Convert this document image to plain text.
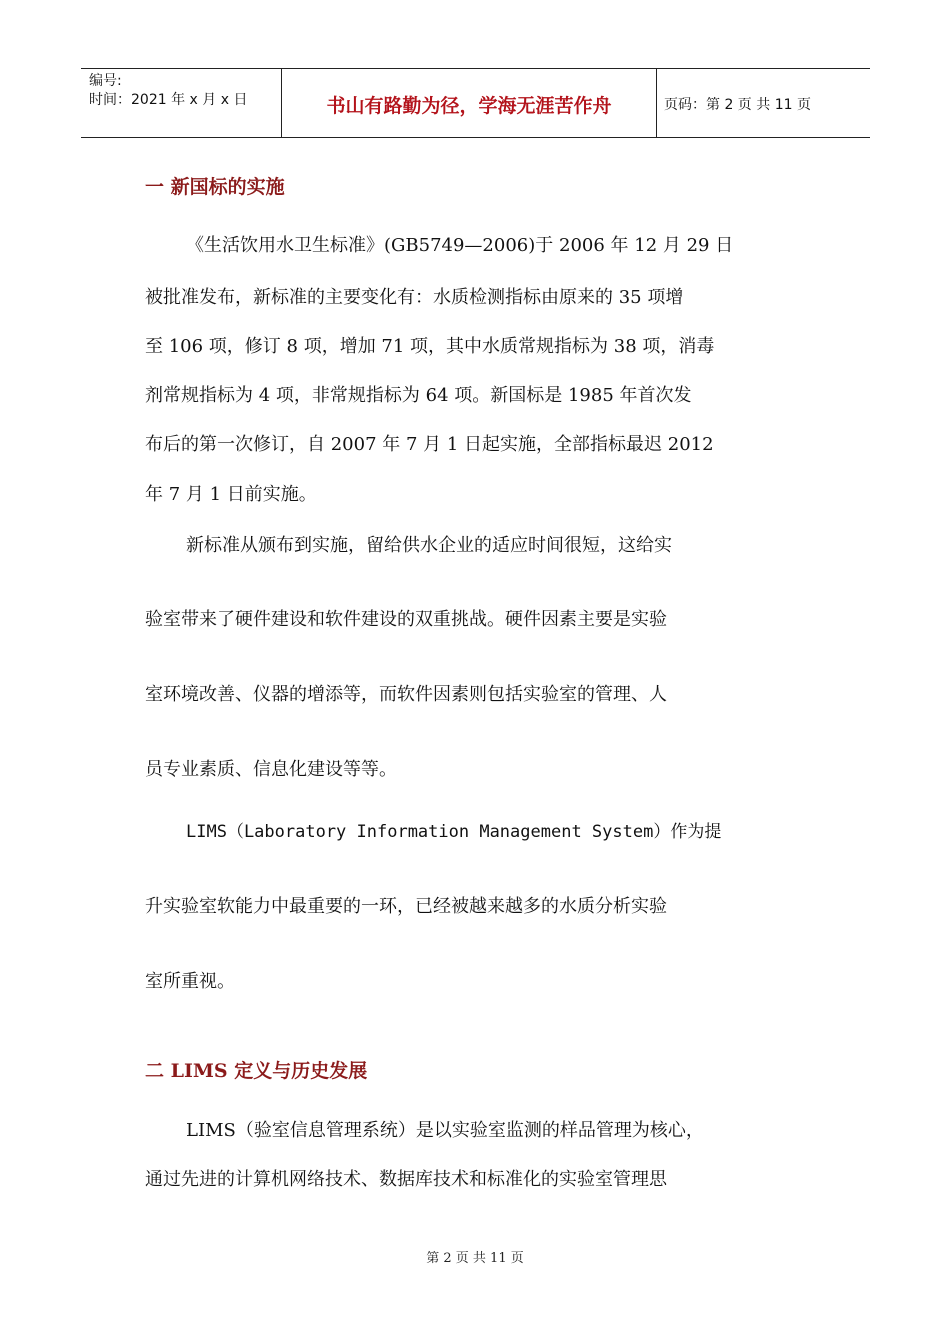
编号:
时间：2021 年 x 月 x 日	书山有路勤为径，学海无涯苦作舟	页码：第 2 页 共 11 页
一 新国标的实施
《生活饮用水卫生标准》(GB5749—2006)于 2006 年 12 月 29 日
被批准发布，新标准的主要变化有：水质检测指标由原来的 35 项增
至 106 项，修订 8 项，增加 71 项，其中水质常规指标为 38 项，消毒
剂常规指标为 4 项，非常规指标为 64 项。新国标是 1985 年首次发
布后的第一次修订，自 2007 年 7 月 1 日起实施，全部指标最迟 2012
年 7 月 1 日前实施。
新标准从颁布到实施，留给供水企业的适应时间很短，这给实
验室带来了硬件建设和软件建设的双重挑战。硬件因素主要是实验
室环境改善、仪器的增添等，而软件因素则包括实验室的管理、人
员专业素质、信息化建设等等。
LIMS（Laboratory Information Management System）作为提
升实验室软能力中最重要的一环，已经被越来越多的水质分析实验
室所重视。
二 LIMS 定义与历史发展
LIMS（验室信息管理系统）是以实验室监测的样品管理为核心，
通过先进的计算机网络技术、数据库技术和标准化的实验室管理思
第 2 页 共 11 页
